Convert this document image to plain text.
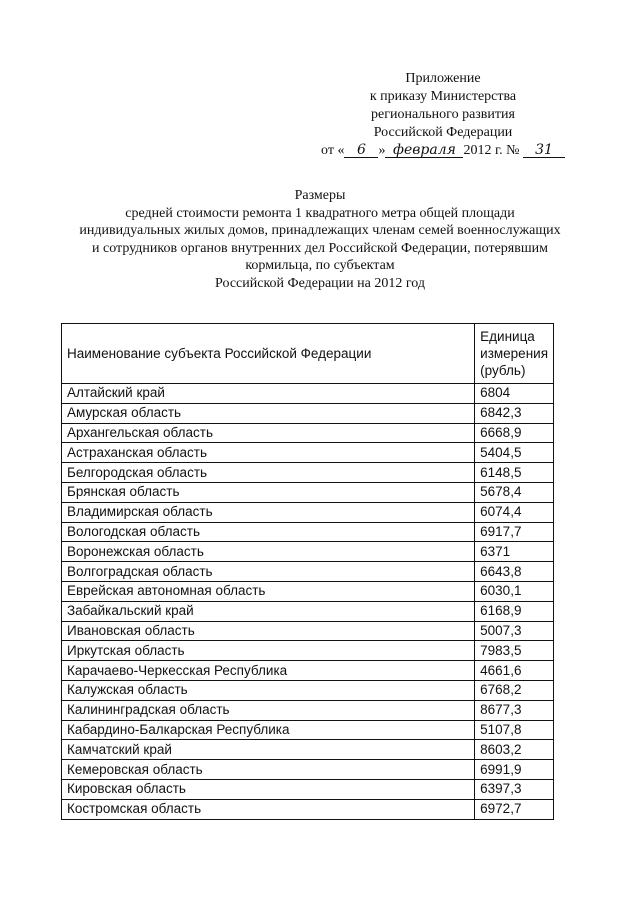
Приложение
к приказу Министерства
регионального развития
Российской Федерации
от « 6 » февраля 2012 г. № 31
Размеры
средней стоимости ремонта 1 квадратного метра общей площади
индивидуальных жилых домов, принадлежащих членам семей военнослужащих
и сотрудников органов внутренних дел Российской Федерации, потерявшим
кормильца, по субъектам
Российской Федерации на 2012 год
Наименование субъекта Российской Федерации	Единица
измерения
(рубль)
Алтайский край	6804
Амурская область	6842,3
Архангельская область	6668,9
Астраханская область	5404,5
Белгородская область	6148,5
Брянская область	5678,4
Владимирская область	6074,4
Вологодская область	6917,7
Воронежская область	6371
Волгоградская область	6643,8
Еврейская автономная область	6030,1
Забайкальский край	6168,9
Ивановская область	5007,3
Иркутская область	7983,5
Карачаево-Черкесская Республика	4661,6
Калужская область	6768,2
Калининградская область	8677,3
Кабардино-Балкарская Республика	5107,8
Камчатский край	8603,2
Кемеровская область	6991,9
Кировская область	6397,3
Костромская область	6972,7
